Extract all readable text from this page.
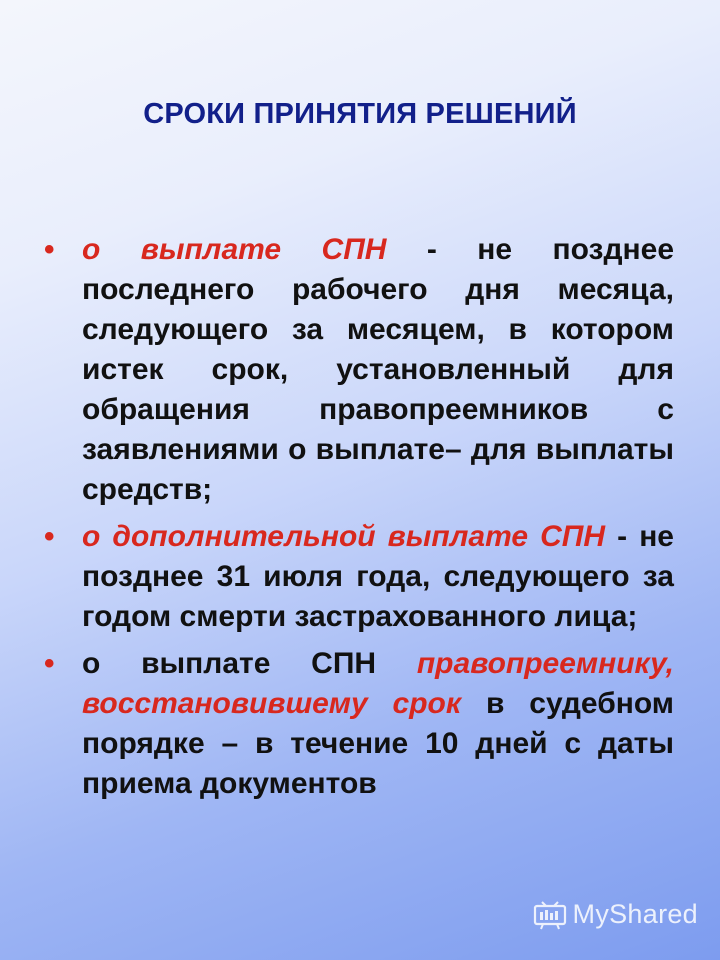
СРОКИ ПРИНЯТИЯ РЕШЕНИЙ
• о выплате СПН - не позднее последнего рабочего дня месяца, следующего за месяцем, в котором истек срок, установленный для обращения правопреемников с заявлениями о выплате– для выплаты средств;
• о дополнительной выплате СПН - не позднее 31 июля года, следующего за годом смерти застрахованного лица;
• о выплате СПН правопреемнику, восстановившему срок в судебном порядке – в течение 10 дней с даты приема документов
MyShared
